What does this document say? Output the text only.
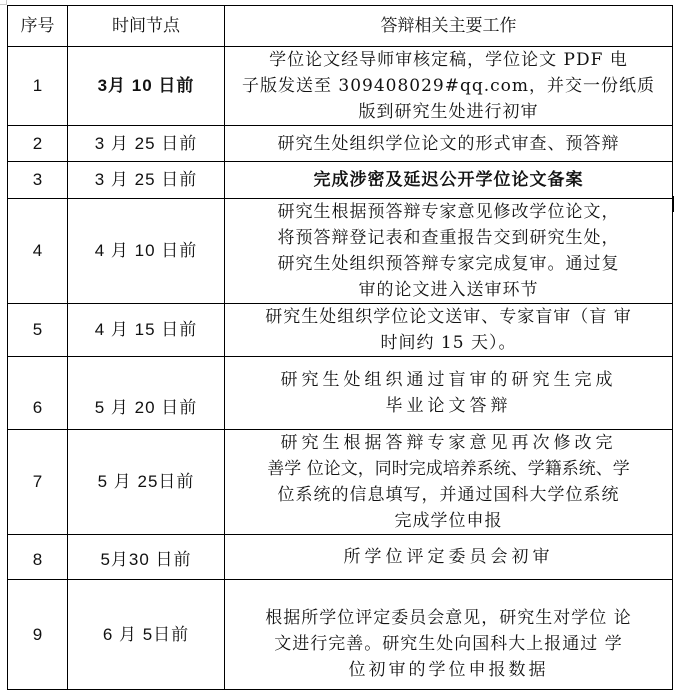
序号	时间节点	答辩相关主要工作
1	3月 10 日前	学位论文经导师审核定稿，学位论文 PDF 电
子版发送至 309408029#qq.com，并交一份纸质
版到研究生处进行初审

2	3 月 25 日前	研究生处组织学位论文的形式审查、预答辩

3	3 月 25 日前	完成涉密及延迟公开学位论文备案

4	4 月 10 日前	研究生根据预答辩专家意见修改学位论文，
将预答辩登记表和查重报告交到研究生处，
研究生处组织预答辩专家完成复审。通过复
审的论文进入送审环节

5	4 月 15 日前	研究生处组织学位论文送审、专家盲审（盲 审
时间约 15 天）。

6	5 月 20 日前	研究生处组织通过盲审的研究生完成
毕业论文答辩

7	5 月 25日前	研究生根据答辩专家意见再次修改完
善学 位论文，同时完成培养系统、学籍系统、学
位系统的信息填写，并通过国科大学位系统
完成学位申报

8	5月30 日前	所学位评定委员会初审

9	6 月 5日前	根据所学位评定委员会意见，研究生对学位 论
文进行完善。研究生处向国科大上报通过 学
位初审的学位申报数据
